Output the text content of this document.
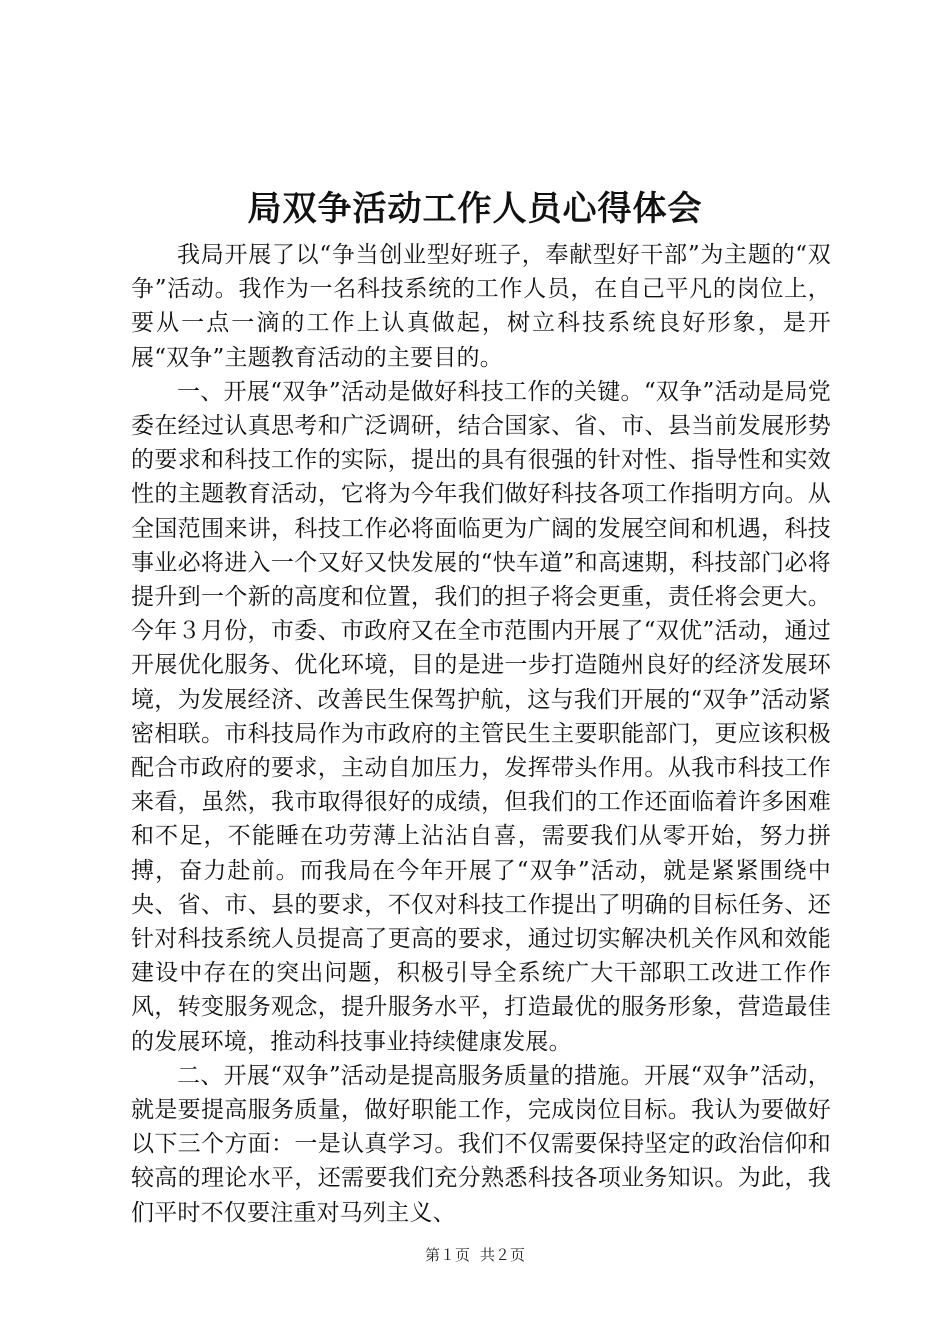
局双争活动工作人员心得体会

我局开展了以“争当创业型好班子，奉献型好干部”为主题的“双争”活动。我作为一名科技系统的工作人员，在自己平凡的岗位上，要从一点一滴的工作上认真做起，树立科技系统良好形象，是开展“双争”主题教育活动的主要目的。

一、开展“双争”活动是做好科技工作的关键。“双争”活动是局党委在经过认真思考和广泛调研，结合国家、省、市、县当前发展形势的要求和科技工作的实际，提出的具有很强的针对性、指导性和实效性的主题教育活动，它将为今年我们做好科技各项工作指明方向。从全国范围来讲，科技工作必将面临更为广阔的发展空间和机遇，科技事业必将进入一个又好又快发展的“快车道”和高速期，科技部门必将提升到一个新的高度和位置，我们的担子将会更重，责任将会更大。今年３月份，市委、市政府又在全市范围内开展了“双优”活动，通过开展优化服务、优化环境，目的是进一步打造随州良好的经济发展环境，为发展经济、改善民生保驾护航，这与我们开展的“双争”活动紧密相联。市科技局作为市政府的主管民生主要职能部门，更应该积极配合市政府的要求，主动自加压力，发挥带头作用。从我市科技工作来看，虽然，我市取得很好的成绩，但我们的工作还面临着许多困难和不足，不能睡在功劳薄上沾沾自喜，需要我们从零开始，努力拼搏，奋力赴前。而我局在今年开展了“双争”活动，就是紧紧围绕中央、省、市、县的要求，不仅对科技工作提出了明确的目标任务、还针对科技系统人员提高了更高的要求，通过切实解决机关作风和效能建设中存在的突出问题，积极引导全系统广大干部职工改进工作作风，转变服务观念，提升服务水平，打造最优的服务形象，营造最佳的发展环境，推动科技事业持续健康发展。

二、开展“双争”活动是提高服务质量的措施。开展“双争”活动，就是要提高服务质量，做好职能工作，完成岗位目标。我认为要做好以下三个方面：一是认真学习。我们不仅需要保持坚定的政治信仰和较高的理论水平，还需要我们充分熟悉科技各项业务知识。为此，我们平时不仅要注重对马列主义、

第１页 共２页
